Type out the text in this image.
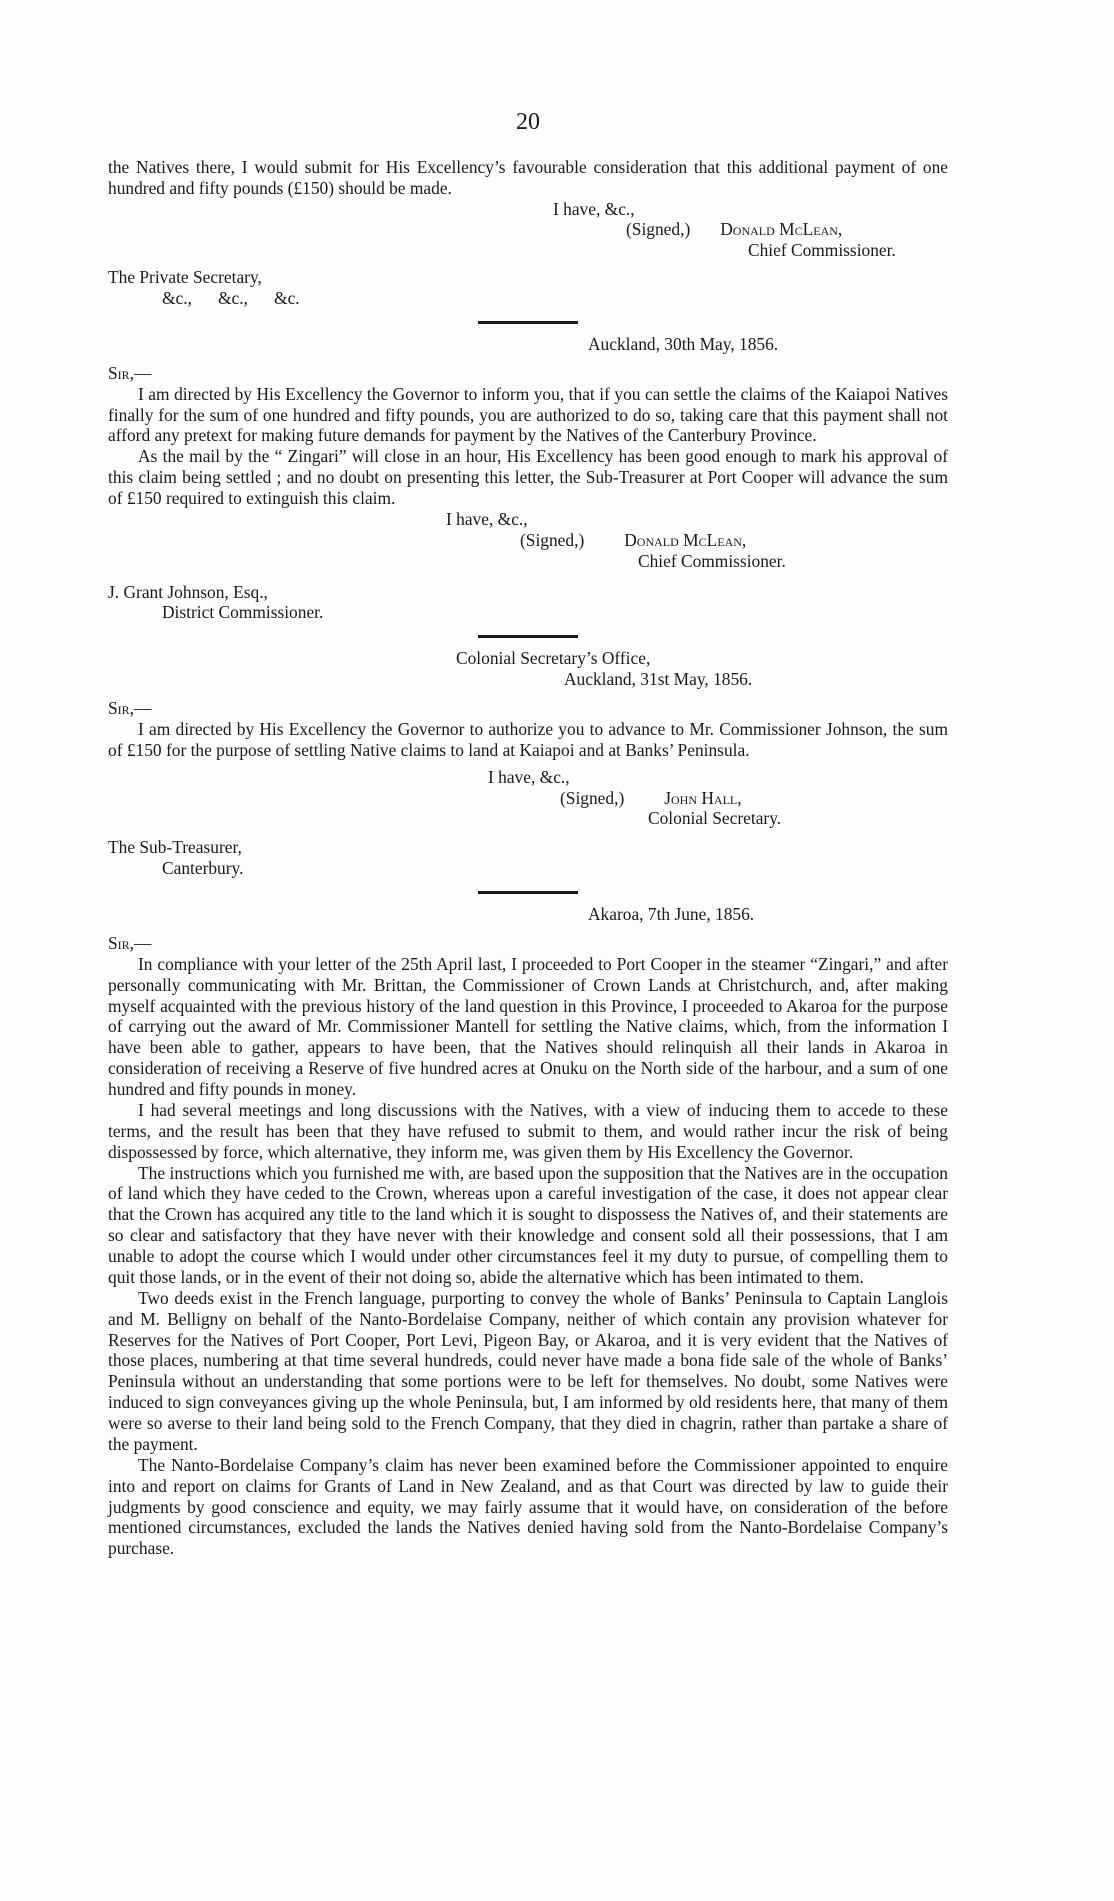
20

the Natives there, I would submit for His Excellency’s favourable consideration that this additional payment of one hundred and fifty pounds (£150) should be made.

I have, &c.,
(Signed,) Donald McLean,
Chief Commissioner.
The Private Secretary,
&c.,      &c.,      &c.
Auckland, 30th May, 1856.
Sir,—

I am directed by His Excellency the Governor to inform you, that if you can settle the claims of the Kaiapoi Natives finally for the sum of one hundred and fifty pounds, you are authorized to do so, taking care that this payment shall not afford any pretext for making future demands for payment by the Natives of the Canterbury Province.

As the mail by the “ Zingari” will close in an hour, His Excellency has been good enough to mark his approval of this claim being settled ; and no doubt on presenting this letter, the Sub-Treasurer at Port Cooper will advance the sum of £150 required to extinguish this claim.

I have, &c.,
(Signed,) Donald McLean,
Chief Commissioner.
J. Grant Johnson, Esq.,
District Commissioner.
Colonial Secretary’s Office,
Auckland, 31st May, 1856.
Sir,—

I am directed by His Excellency the Governor to authorize you to advance to Mr. Commissioner Johnson, the sum of £150 for the purpose of settling Native claims to land at Kaiapoi and at Banks’ Peninsula.

I have, &c.,
(Signed,) John Hall,
Colonial Secretary.
The Sub-Treasurer,
Canterbury.
Akaroa, 7th June, 1856.
Sir,—

In compliance with your letter of the 25th April last, I proceeded to Port Cooper in the steamer “Zingari,” and after personally communicating with Mr. Brittan, the Commissioner of Crown Lands at Christchurch, and, after making myself acquainted with the previous history of the land question in this Province, I proceeded to Akaroa for the purpose of carrying out the award of Mr. Commissioner Mantell for settling the Native claims, which, from the information I have been able to gather, appears to have been, that the Natives should relinquish all their lands in Akaroa in consideration of receiving a Reserve of five hundred acres at Onuku on the North side of the harbour, and a sum of one hundred and fifty pounds in money.

I had several meetings and long discussions with the Natives, with a view of inducing them to accede to these terms, and the result has been that they have refused to submit to them, and would rather incur the risk of being dispossessed by force, which alternative, they inform me, was given them by His Excellency the Governor.

The instructions which you furnished me with, are based upon the supposition that the Natives are in the occupation of land which they have ceded to the Crown, whereas upon a careful investigation of the case, it does not appear clear that the Crown has acquired any title to the land which it is sought to dispossess the Natives of, and their statements are so clear and satisfactory that they have never with their knowledge and consent sold all their possessions, that I am unable to adopt the course which I would under other circumstances feel it my duty to pursue, of compelling them to quit those lands, or in the event of their not doing so, abide the alternative which has been intimated to them.

Two deeds exist in the French language, purporting to convey the whole of Banks’ Peninsula to Captain Langlois and M. Belligny on behalf of the Nanto-Bordelaise Company, neither of which contain any provision whatever for Reserves for the Natives of Port Cooper, Port Levi, Pigeon Bay, or Akaroa, and it is very evident that the Natives of those places, numbering at that time several hundreds, could never have made a bona fide sale of the whole of Banks’ Peninsula without an understanding that some portions were to be left for themselves. No doubt, some Natives were induced to sign conveyances giving up the whole Peninsula, but, I am informed by old residents here, that many of them were so averse to their land being sold to the French Company, that they died in chagrin, rather than partake a share of the payment.

The Nanto-Bordelaise Company’s claim has never been examined before the Commissioner appointed to enquire into and report on claims for Grants of Land in New Zealand, and as that Court was directed by law to guide their judgments by good conscience and equity, we may fairly assume that it would have, on consideration of the before mentioned circumstances, excluded the lands the Natives denied having sold from the Nanto-Bordelaise Company’s purchase.
